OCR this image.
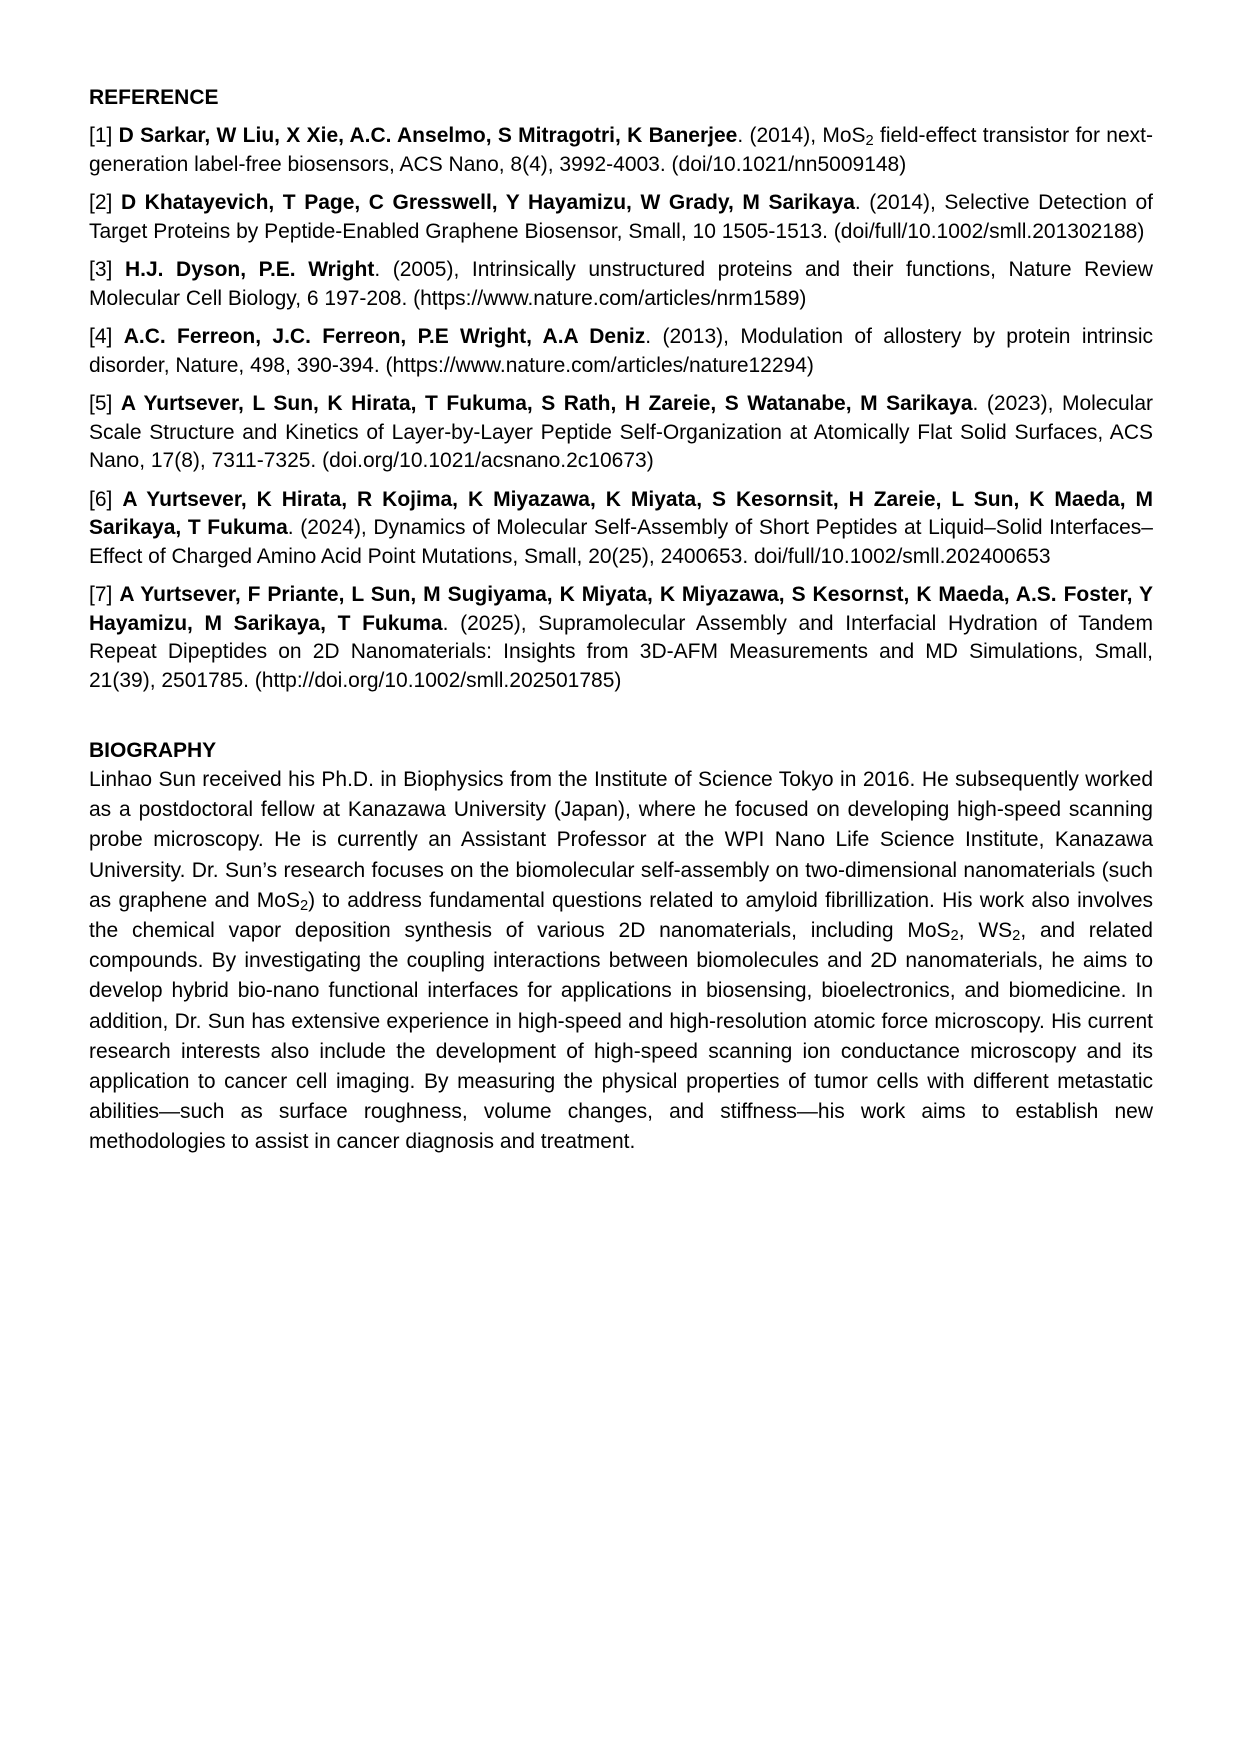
REFERENCE

[1] D Sarkar, W Liu, X Xie, A.C. Anselmo, S Mitragotri, K Banerjee. (2014), MoS$_2$ field-effect transistor for next-generation label-free biosensors, ACS Nano, 8(4), 3992-4003. (doi/10.1021/nn5009148)

[2] D Khatayevich, T Page, C Gresswell, Y Hayamizu, W Grady, M Sarikaya. (2014), Selective Detection of Target Proteins by Peptide-Enabled Graphene Biosensor, Small, 10 1505-1513. (doi/full/10.1002/smll.201302188)

[3] H.J. Dyson, P.E. Wright. (2005), Intrinsically unstructured proteins and their functions, Nature Review Molecular Cell Biology, 6 197-208. (https://www.nature.com/articles/nrm1589)

[4] A.C. Ferreon, J.C. Ferreon, P.E Wright, A.A Deniz. (2013), Modulation of allostery by protein intrinsic disorder, Nature, 498, 390-394. (https://www.nature.com/articles/nature12294)

[5] A Yurtsever, L Sun, K Hirata, T Fukuma, S Rath, H Zareie, S Watanabe, M Sarikaya. (2023), Molecular Scale Structure and Kinetics of Layer-by-Layer Peptide Self-Organization at Atomically Flat Solid Surfaces, ACS Nano, 17(8), 7311-7325. (doi.org/10.1021/acsnano.2c10673)

[6] A Yurtsever, K Hirata, R Kojima, K Miyazawa, K Miyata, S Kesornsit, H Zareie, L Sun, K Maeda, M Sarikaya, T Fukuma. (2024), Dynamics of Molecular Self-Assembly of Short Peptides at Liquid–Solid Interfaces–Effect of Charged Amino Acid Point Mutations, Small, 20(25), 2400653. doi/full/10.1002/smll.202400653

[7] A Yurtsever, F Priante, L Sun, M Sugiyama, K Miyata, K Miyazawa, S Kesornst, K Maeda, A.S. Foster, Y Hayamizu, M Sarikaya, T Fukuma. (2025), Supramolecular Assembly and Interfacial Hydration of Tandem Repeat Dipeptides on 2D Nanomaterials: Insights from 3D-AFM Measurements and MD Simulations, Small, 21(39), 2501785. (http://doi.org/10.1002/smll.202501785)

BIOGRAPHY

Linhao Sun received his Ph.D. in Biophysics from the Institute of Science Tokyo in 2016. He subsequently worked as a postdoctoral fellow at Kanazawa University (Japan), where he focused on developing high-speed scanning probe microscopy. He is currently an Assistant Professor at the WPI Nano Life Science Institute, Kanazawa University. Dr. Sun’s research focuses on the biomolecular self-assembly on two-dimensional nanomaterials (such as graphene and MoS$_2$) to address fundamental questions related to amyloid fibrillization. His work also involves the chemical vapor deposition synthesis of various 2D nanomaterials, including MoS$_2$, $WS_2$, and related compounds. By investigating the coupling interactions between biomolecules and 2D nanomaterials, he aims to develop hybrid bio-nano functional interfaces for applications in biosensing, bioelectronics, and biomedicine. In addition, Dr. Sun has extensive experience in high-speed and high-resolution atomic force microscopy. His current research interests also include the development of high-speed scanning ion conductance microscopy and its application to cancer cell imaging. By measuring the physical properties of tumor cells with different metastatic abilities—such as surface roughness, volume changes, and stiffness—his work aims to establish new methodologies to assist in cancer diagnosis and treatment.
